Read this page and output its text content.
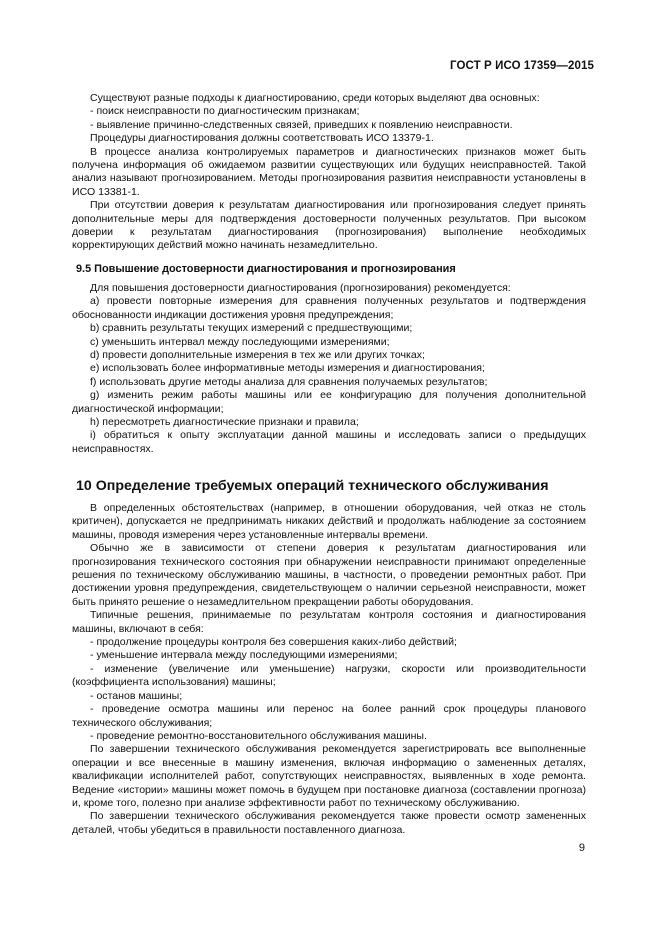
ГОСТ Р ИСО 17359—2015

Существуют разные подходы к диагностированию, среди которых выделяют два основных:

- поиск неисправности по диагностическим признакам;

- выявление причинно-следственных связей, приведших к появлению неисправности.

Процедуры диагностирования должны соответствовать ИСО 13379-1.

В процессе анализа контролируемых параметров и диагностических признаков может быть получена информация об ожидаемом развитии существующих или будущих неисправностей. Такой анализ называют прогнозированием. Методы прогнозирования развития неисправности установлены в ИСО 13381-1.

При отсутствии доверия к результатам диагностирования или прогнозирования следует принять дополнительные меры для подтверждения достоверности полученных результатов. При высоком доверии к результатам диагностирования (прогнозирования) выполнение необходимых корректирующих действий можно начинать незамедлительно.

9.5 Повышение достоверности диагностирования и прогнозирования

Для повышения достоверности диагностирования (прогнозирования) рекомендуется:

a) провести повторные измерения для сравнения полученных результатов и подтверждения обоснованности индикации достижения уровня предупреждения;

b) сравнить результаты текущих измерений с предшествующими;

c) уменьшить интервал между последующими измерениями;

d) провести дополнительные измерения в тех же или других точках;

e) использовать более информативные методы измерения и диагностирования;

f) использовать другие методы анализа для сравнения получаемых результатов;

g) изменить режим работы машины или ее конфигурацию для получения дополнительной диагностической информации;

h) пересмотреть диагностические признаки и правила;

i) обратиться к опыту эксплуатации данной машины и исследовать записи о предыдущих неисправностях.

10 Определение требуемых операций технического обслуживания

В определенных обстоятельствах (например, в отношении оборудования, чей отказ не столь критичен), допускается не предпринимать никаких действий и продолжать наблюдение за состоянием машины, проводя измерения через установленные интервалы времени.

Обычно же в зависимости от степени доверия к результатам диагностирования или прогнозирования технического состояния при обнаружении неисправности принимают определенные решения по техническому обслуживанию машины, в частности, о проведении ремонтных работ. При достижении уровня предупреждения, свидетельствующем о наличии серьезной неисправности, может быть принято решение о незамедлительном прекращении работы оборудования.

Типичные решения, принимаемые по результатам контроля состояния и диагностирования машины, включают в себя:

- продолжение процедуры контроля без совершения каких-либо действий;

- уменьшение интервала между последующими измерениями;

- изменение (увеличение или уменьшение) нагрузки, скорости или производительности (коэффициента использования) машины;

- останов машины;

- проведение осмотра машины или перенос на более ранний срок процедуры планового технического обслуживания;

- проведение ремонтно-восстановительного обслуживания машины.

По завершении технического обслуживания рекомендуется зарегистрировать все выполненные операции и все внесенные в машину изменения, включая информацию о замененных деталях, квалификации исполнителей работ, сопутствующих неисправностях, выявленных в ходе ремонта. Ведение «истории» машины может помочь в будущем при постановке диагноза (составлении прогноза) и, кроме того, полезно при анализе эффективности работ по техническому обслуживанию.

По завершении технического обслуживания рекомендуется также провести осмотр замененных деталей, чтобы убедиться в правильности поставленного диагноза.

9
